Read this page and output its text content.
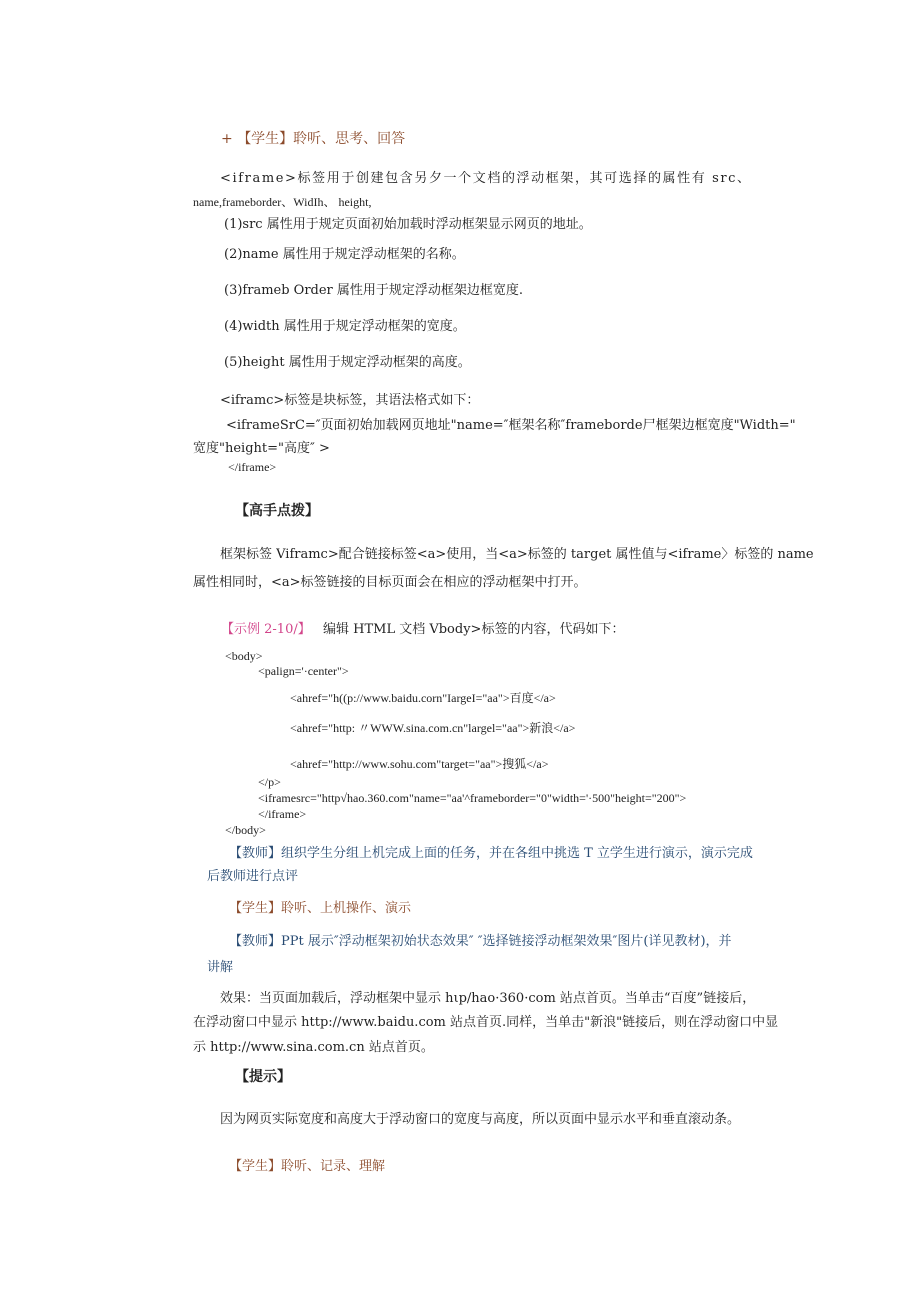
+ 【学生】聆听、思考、回答
<iframe>标签用于创建包含另夕一个文档的浮动框架，其可选择的属性有 src、
name,frameborder、WidIh、 height,
(1)src 属性用于规定页面初始加载时浮动框架显示网页的地址。
(2)name 属性用于规定浮动框架的名称。
(3)frameb Order 属性用于规定浮动框架边框宽度.
(4)width 属性用于规定浮动框架的宽度。
(5)height 属性用于规定浮动框架的高度。
<iframc>标签是块标签，其语法格式如下：
<iframeSrC=″页面初始加载网页地址"name=″框架名称″frameborde尸框架边框宽度"Width="
宽度"height="高度″ >
</iframe>
【高手点拨】
框架标签 Viframc>配合链接标签<a>使用，当<a>标签的 target 属性值与<iframe〉标签的 name
属性相同时，<a>标签链接的目标页面会在相应的浮动框架中打开。
【示例 2-10/】 编辑 HTML 文档 Vbody>标签的内容，代码如下：
<body>
<palign='·center">
<ahref="h((p://www.baidu.corn"IargeI="aa">百度</a>
<ahref="http: 〃WWW.sina.com.cn"largel="aa">新浪</a>
<ahref="http://www.sohu.com"target="aa">搜狐</a>
</p>
<iframesrc="http√hao.360.com"name="aa'^frameborder="0"width='·500"height="200">
</iframe>
</body>
【教师】组织学生分组上机完成上面的任务，并在各组中挑选 T 立学生进行演示，演示完成
后教师进行点评
【学生】聆听、上机操作、演示
【教师】PPt 展示″浮动框架初始状态效果″ ″选择链接浮动框架效果″图片(详见教材)，并
讲解
效果：当页面加载后，浮动框架中显示 hιp∕hao·360·com 站点首页。当单击“百度”链接后，
在浮动窗口中显示 http://www.baidu.com 站点首页.同样，当单击"新浪"链接后，则在浮动窗口中显
示 http://www.sina.com.cn 站点首页。
【提示】
因为网页实际宽度和高度大于浮动窗口的宽度与高度，所以页面中显示水平和垂直滚动条。
【学生】聆听、记录、理解
